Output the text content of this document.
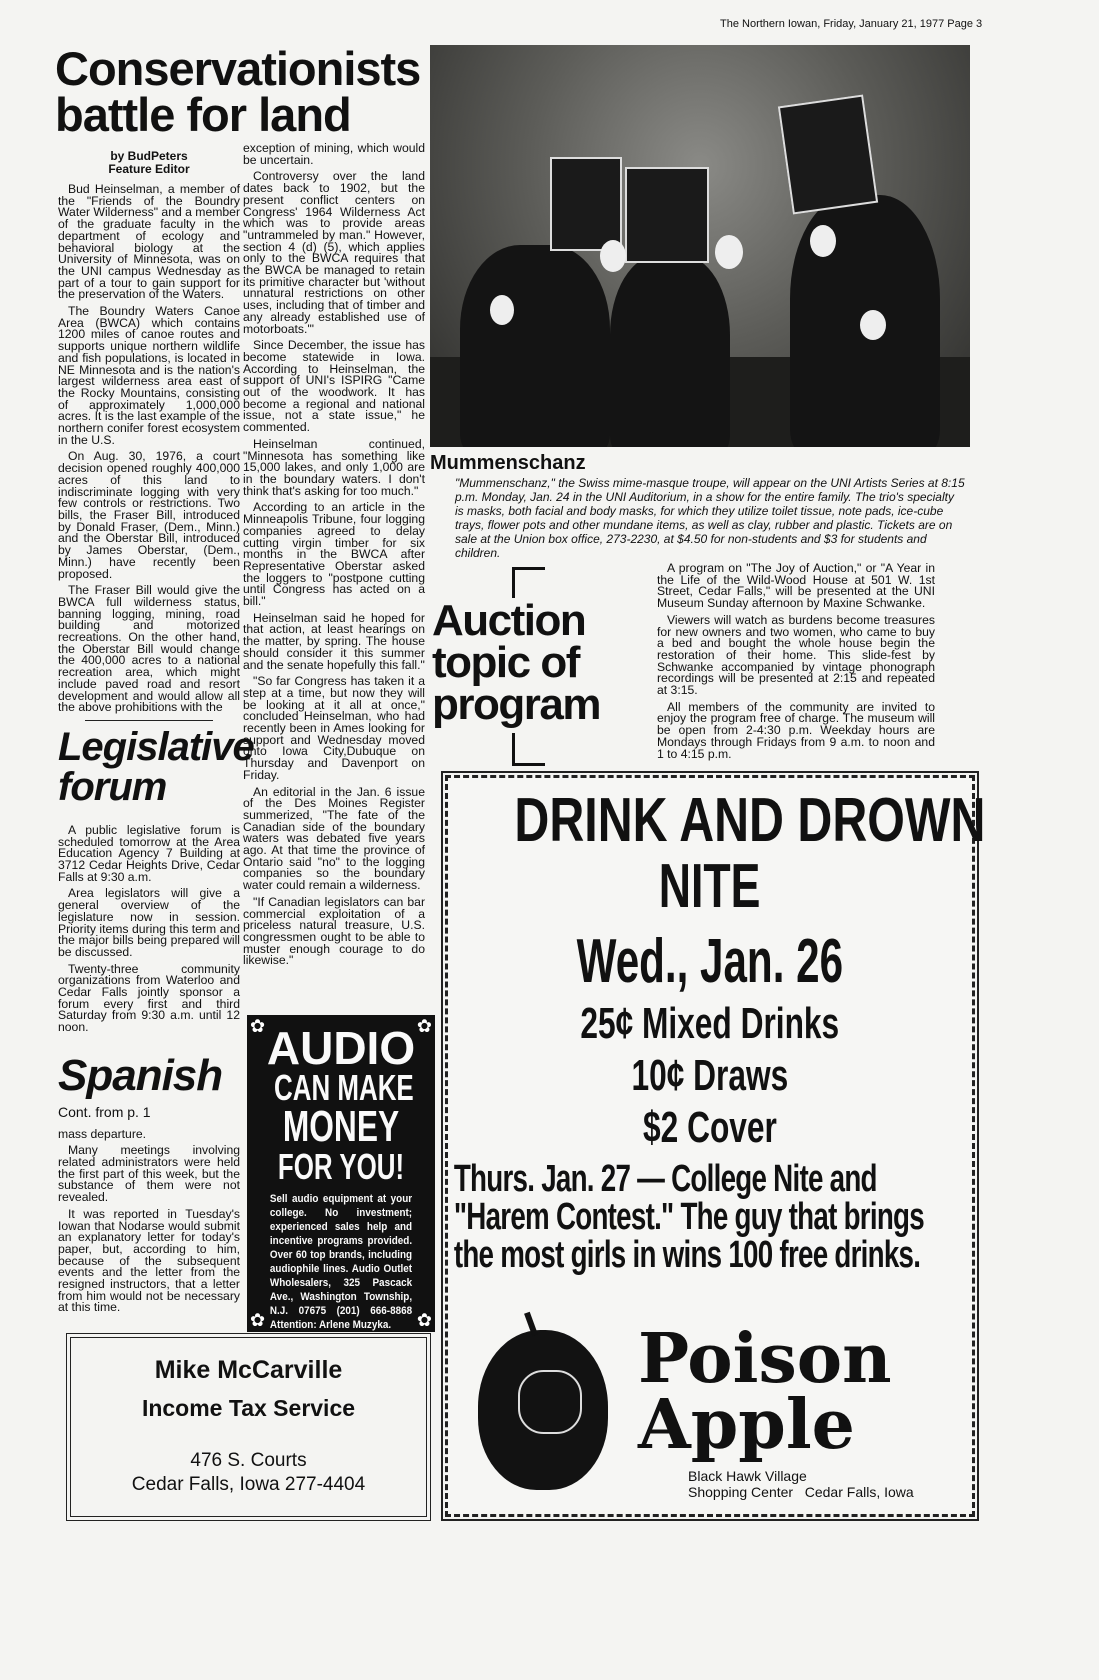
The Northern Iowan, Friday, January 21, 1977 Page 3
Conservationists
battle for land
by BudPeters
Feature Editor

Bud Heinselman, a member of the "Friends of the Boundry Water Wilderness" and a member of the graduate faculty in the department of ecology and behavioral biology at the University of Minnesota, was on the UNI campus Wednesday as part of a tour to gain support for the preservation of the Waters.

The Boundry Waters Canoe Area (BWCA) which contains 1200 miles of canoe routes and supports unique northern wildlife and fish populations, is located in NE Minnesota and is the nation's largest wilderness area east of the Rocky Mountains, consisting of approximately 1,000,000 acres. It is the last example of the northern conifer forest ecosystem in the U.S.

On Aug. 30, 1976, a court decision opened roughly 400,000 acres of this land to indiscriminate logging with very few controls or restrictions. Two bills, the Fraser Bill, introduced by Donald Fraser, (Dem., Minn.) and the Oberstar Bill, introduced by James Oberstar, (Dem., Minn.) have recently been proposed.

The Fraser Bill would give the BWCA full wilderness status, banning logging, mining, road building and motorized recreations. On the other hand, the Oberstar Bill would change the 400,000 acres to a national recreation area, which might include paved road and resort development and would allow all the above prohibitions with the

Legislative
forum

A public legislative forum is scheduled tomorrow at the Area Education Agency 7 Building at 3712 Cedar Heights Drive, Cedar Falls at 9:30 a.m.

Area legislators will give a general overview of the legislature now in session. Priority items during this term and the major bills being prepared will be discussed.

Twenty-three community organizations from Waterloo and Cedar Falls jointly sponsor a forum every first and third Saturday from 9:30 a.m. until 12 noon.

Spanish
Cont. from p. 1

mass departure.

Many meetings involving related administrators were held the first part of this week, but the substance of them were not revealed.

It was reported in Tuesday's Iowan that Nodarse would submit an explanatory letter for today's paper, but, according to him, because of the subsequent events and the letter from the resigned instructors, that a letter from him would not be necessary at this time.

exception of mining, which would be uncertain.

Controversy over the land dates back to 1902, but the present conflict centers on Congress' 1964 Wilderness Act which was to provide areas "untrammeled by man." However, section 4 (d) (5), which applies only to the BWCA requires that the BWCA be managed to retain its primitive character but 'without unnatural restrictions on other uses, including that of timber and any already established use of motorboats.'"

Since December, the issue has become statewide in Iowa. According to Heinselman, the support of UNI's ISPIRG "Came out of the woodwork. It has become a regional and national issue, not a state issue," he commented.

Heinselman continued, "Minnesota has something like 15,000 lakes, and only 1,000 are in the boundary waters. I don't think that's asking for too much."

According to an article in the Minneapolis Tribune, four logging companies agreed to delay cutting virgin timber for six months in the BWCA after Representative Oberstar asked the loggers to "postpone cutting until Congress has acted on a bill."

Heinselman said he hoped for that action, at least hearings on the matter, by spring. The house should consider it this summer and the senate hopefully this fall."

"So far Congress has taken it a step at a time, but now they will be looking at it all at once," concluded Heinselman, who had recently been in Ames looking for support and Wednesday moved onto Iowa City,Dubuque on Thursday and Davenport on Friday.

An editorial in the Jan. 6 issue of the Des Moines Register summerized, "The fate of the Canadian side of the boundary waters was debated five years ago. At that time the province of Ontario said "no" to the logging companies so the boundary water could remain a wilderness.

"If Canadian legislators can bar commercial exploitation of a priceless natural treasure, U.S. congressmen ought to be able to muster enough courage to do likewise."

Mummenschanz
"Mummenschanz," the Swiss mime-masque troupe, will appear on the UNI Artists Series at 8:15 p.m. Monday, Jan. 24 in the UNI Auditorium, in a show for the entire family. The trio's specialty is masks, both facial and body masks, for which they utilize toilet tissue, note pads, ice-cube trays, flower pots and other mundane items, as well as clay, rubber and plastic. Tickets are on sale at the Union box office, 273-2230, at $4.50 for non-students and $3 for students and children.
Auction
topic of
program

A program on "The Joy of Auction," or "A Year in the Life of the Wild-Wood House at 501 W. 1st Street, Cedar Falls," will be presented at the UNI Museum Sunday afternoon by Maxine Schwanke.

Viewers will watch as burdens become treasures for new owners and two women, who came to buy a bed and bought the whole house begin the restoration of their home. This slide-fest by Schwanke accompanied by vintage phonograph recordings will be presented at 2:15 and repeated at 3:15.

All members of the community are invited to enjoy the program free of charge. The museum will be open from 2-4:30 p.m. Weekday hours are Mondays through Fridays from 9 a.m. to noon and 1 to 4:15 p.m.

DRINK AND DROWN
NITE
Wed., Jan. 26
25¢ Mixed Drinks
10¢ Draws
$2 Cover
Thurs. Jan. 27 — College Nite and "Harem Contest." The guy that brings the most girls in wins 100 free drinks.
Poison
Apple
Black Hawk Village
Shopping Center Cedar Falls, Iowa
✿	✿
✿	✿
AUDIO
CAN MAKE
MONEY
FOR YOU!
Sell audio equipment at your college. No investment; experienced sales help and incentive programs provided. Over 60 top brands, including audiophile lines. Audio Outlet Wholesalers, 325 Pascack Ave., Washington Township, N.J. 07675 (201) 666-8868 Attention: Arlene Muzyka.
Mike McCarville
Income Tax Service
476 S. Courts
Cedar Falls, Iowa 277-4404
